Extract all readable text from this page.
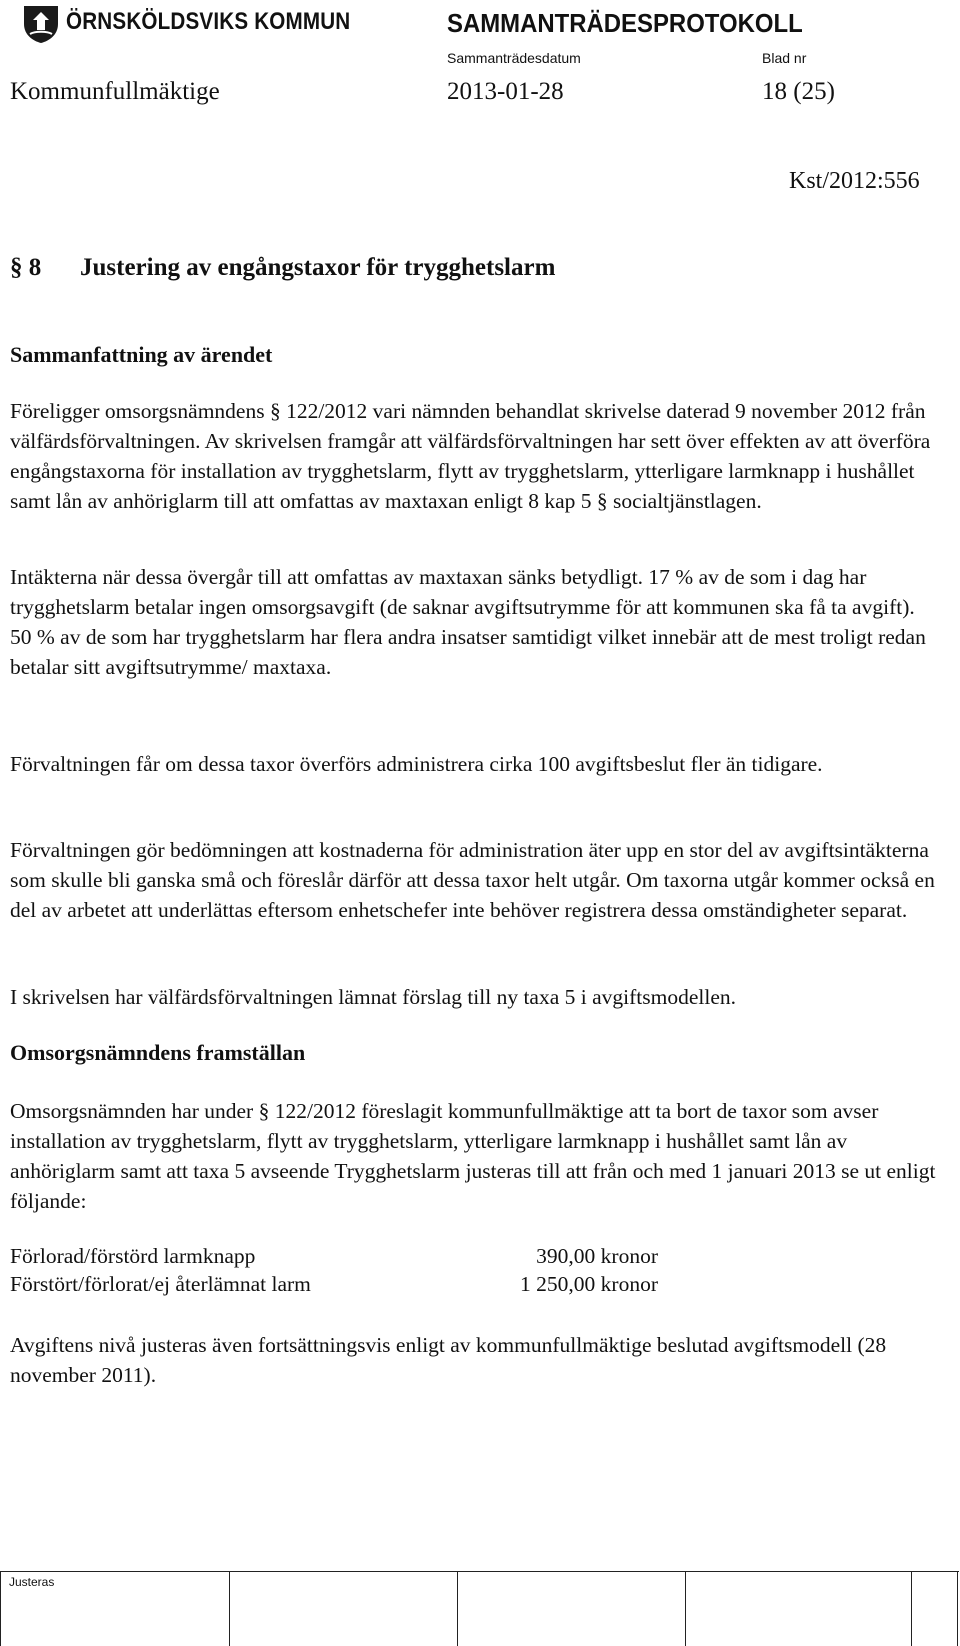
ÖRNSKÖLDSVIKS KOMMUN	SAMMANTRÄDESPROTOKOLL
Sammanträdesdatum	Blad nr
Kommunfullmäktige	2013-01-28	18 (25)
Kst/2012:556
§ 8 Justering av engångstaxor för trygghetslarm
Sammanfattning av ärendet
Föreligger omsorgsnämndens § 122/2012 vari nämnden behandlat skrivelse daterad 9 november 2012 från välfärdsförvaltningen. Av skrivelsen framgår att välfärdsförvaltningen har sett över effekten av att överföra engångstaxorna för installation av trygghetslarm, flytt av trygghetslarm, ytterligare larmknapp i hushållet samt lån av anhöriglarm till att omfattas av maxtaxan enligt 8 kap 5 § socialtjänstlagen.
Intäkterna när dessa övergår till att omfattas av maxtaxan sänks betydligt. 17 % av de som i dag har trygghetslarm betalar ingen omsorgsavgift (de saknar avgiftsutrymme för att kommunen ska få ta avgift). 50 % av de som har trygghetslarm har flera andra insatser samtidigt vilket innebär att de mest troligt redan betalar sitt avgiftsutrymme/ maxtaxa.
Förvaltningen får om dessa taxor överförs administrera cirka 100 avgiftsbeslut fler än tidigare.
Förvaltningen gör bedömningen att kostnaderna för administration äter upp en stor del av avgiftsintäkterna som skulle bli ganska små och föreslår därför att dessa taxor helt utgår. Om taxorna utgår kommer också en del av arbetet att underlättas eftersom enhetschefer inte behöver registrera dessa omständigheter separat.
I skrivelsen har välfärdsförvaltningen lämnat förslag till ny taxa 5 i avgiftsmodellen.
Omsorgsnämndens framställan
Omsorgsnämnden har under § 122/2012 föreslagit kommunfullmäktige att ta bort de taxor som avser installation av trygghetslarm, flytt av trygghetslarm, ytterligare larmknapp i hushållet samt lån av anhöriglarm samt att taxa 5 avseende Trygghetslarm justeras till att från och med 1 januari 2013 se ut enligt följande:
Förlorad/förstörd larmknapp	390,00 kronor
Förstört/förlorat/ej återlämnat larm	1 250,00 kronor
Avgiftens nivå justeras även fortsättningsvis enligt av kommunfullmäktige beslutad avgiftsmodell (28 november 2011).
Justeras
